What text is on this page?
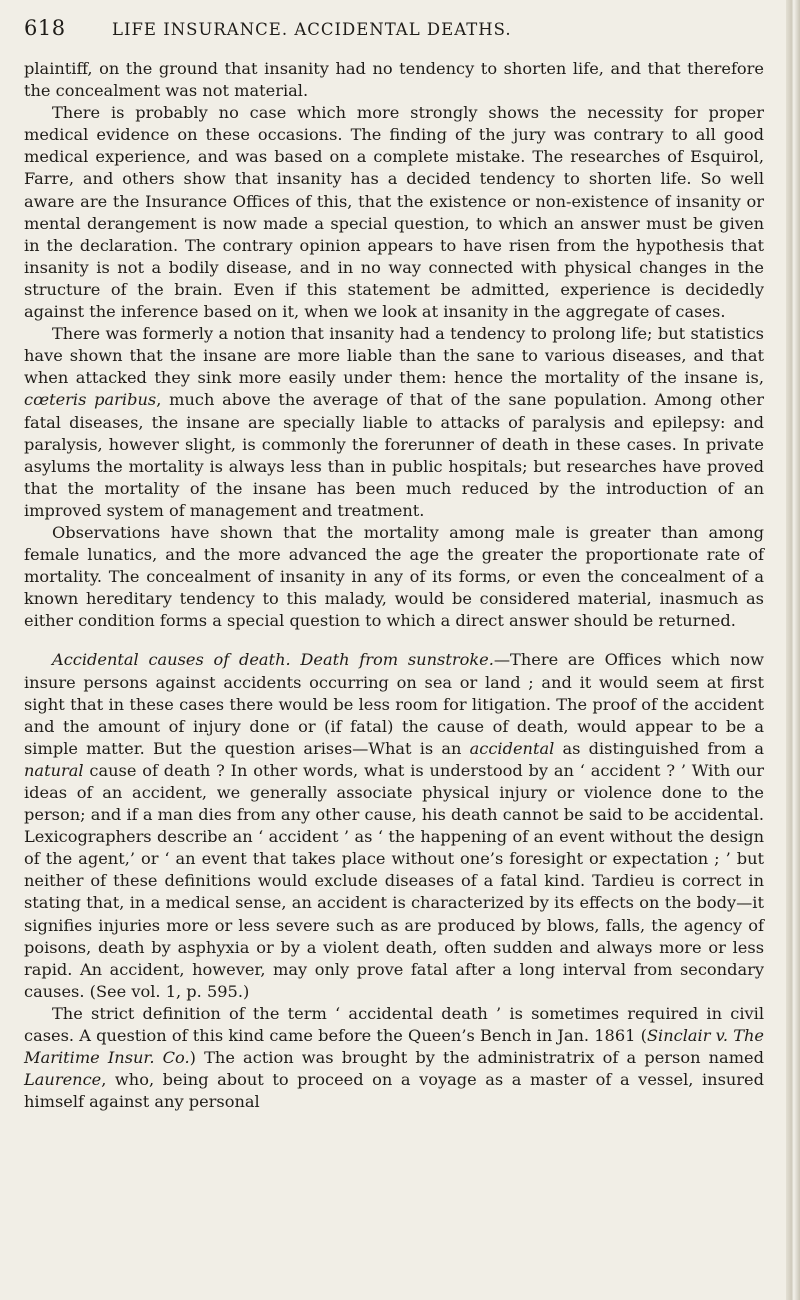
618	LIFE INSURANCE. ACCIDENTAL DEATHS.

plaintiff, on the ground that insanity had no tendency to shorten life, and that therefore the concealment was not material.

There is probably no case which more strongly shows the necessity for proper medical evidence on these occasions. The finding of the jury was contrary to all good medical experience, and was based on a complete mistake. The researches of Esquirol, Farre, and others show that insanity has a decided tendency to shorten life. So well aware are the Insurance Offices of this, that the existence or non-existence of insanity or mental derangement is now made a special question, to which an answer must be given in the declaration. The contrary opinion appears to have risen from the hypothesis that insanity is not a bodily disease, and in no way connected with physical changes in the structure of the brain. Even if this statement be admitted, experience is decidedly against the inference based on it, when we look at insanity in the aggregate of cases.

There was formerly a notion that insanity had a tendency to prolong life; but statistics have shown that the insane are more liable than the sane to various diseases, and that when attacked they sink more easily under them: hence the mortality of the insane is, cœteris paribus, much above the average of that of the sane population. Among other fatal diseases, the insane are specially liable to attacks of paralysis and epilepsy: and paralysis, however slight, is commonly the forerunner of death in these cases. In private asylums the mortality is always less than in public hospitals; but researches have proved that the mortality of the insane has been much reduced by the introduction of an improved system of management and treatment.

Observations have shown that the mortality among male is greater than among female lunatics, and the more advanced the age the greater the proportionate rate of mortality. The concealment of insanity in any of its forms, or even the concealment of a known hereditary tendency to this malady, would be considered material, inasmuch as either condition forms a special question to which a direct answer should be returned.

Accidental causes of death. Death from sunstroke.—There are Offices which now insure persons against accidents occurring on sea or land ; and it would seem at first sight that in these cases there would be less room for litigation. The proof of the accident and the amount of injury done or (if fatal) the cause of death, would appear to be a simple matter. But the question arises—What is an accidental as distinguished from a natural cause of death ? In other words, what is understood by an ‘ accident ? ’ With our ideas of an accident, we generally associate physical injury or violence done to the person; and if a man dies from any other cause, his death cannot be said to be accidental. Lexicographers describe an ‘ accident ’ as ‘ the happening of an event without the design of the agent,’ or ‘ an event that takes place without one’s foresight or expectation ; ’ but neither of these definitions would exclude diseases of a fatal kind. Tardieu is correct in stating that, in a medical sense, an accident is characterized by its effects on the body—it signifies injuries more or less severe such as are produced by blows, falls, the agency of poisons, death by asphyxia or by a violent death, often sudden and always more or less rapid. An accident, however, may only prove fatal after a long interval from secondary causes. (See vol. 1, p. 595.)

The strict definition of the term ‘ accidental death ’ is sometimes required in civil cases. A question of this kind came before the Queen’s Bench in Jan. 1861 (Sinclair v. The Maritime Insur. Co.) The action was brought by the administratrix of a person named Laurence, who, being about to proceed on a voyage as a master of a vessel, insured himself against any personal
